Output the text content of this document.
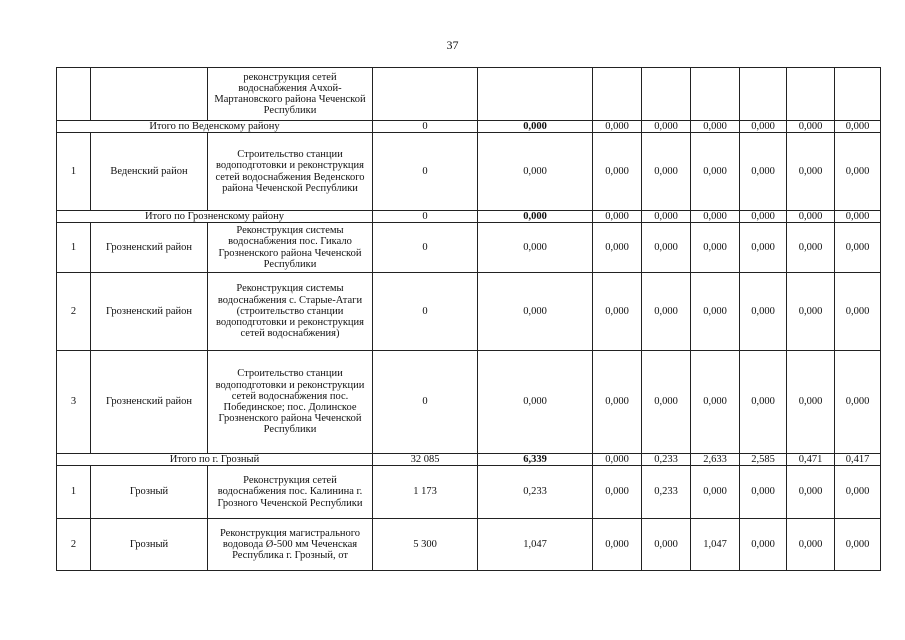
37
		реконструкция сетей водоснабжения Ачхой-Мартановского района Чеченской Республики								
Итого по Веденскому району			0	0,000	0,000	0,000	0,000	0,000	0,000	0,000
1	Веденский район	Строительство станции водоподготовки и реконструкция сетей водоснабжения Веденского района Чеченской Республики	0	0,000	0,000	0,000	0,000	0,000	0,000	0,000
Итого по Грозненскому району			0	0,000	0,000	0,000	0,000	0,000	0,000	0,000
1	Грозненский район	Реконструкция системы водоснабжения пос. Гикало Грозненского района Чеченской Республики	0	0,000	0,000	0,000	0,000	0,000	0,000	0,000
2	Грозненский район	Реконструкция системы водоснабжения с. Старые-Атаги (строительство станции водоподготовки и реконструкция сетей водоснабжения)	0	0,000	0,000	0,000	0,000	0,000	0,000	0,000
3	Грозненский район	Строительство станции водоподготовки и реконструкции сетей водоснабжения пос. Побединское; пос. Долинское Грозненского района Чеченской Республики	0	0,000	0,000	0,000	0,000	0,000	0,000	0,000
Итого по г. Грозный			32 085	6,339	0,000	0,233	2,633	2,585	0,471	0,417
1	Грозный	Реконструкция сетей водоснабжения пос. Калинина г. Грозного Чеченской Республики	1 173	0,233	0,000	0,233	0,000	0,000	0,000	0,000
2	Грозный	Реконструкция магистрального водовода Ø-500 мм Чеченская Республика г. Грозный, от	5 300	1,047	0,000	0,000	1,047	0,000	0,000	0,000
